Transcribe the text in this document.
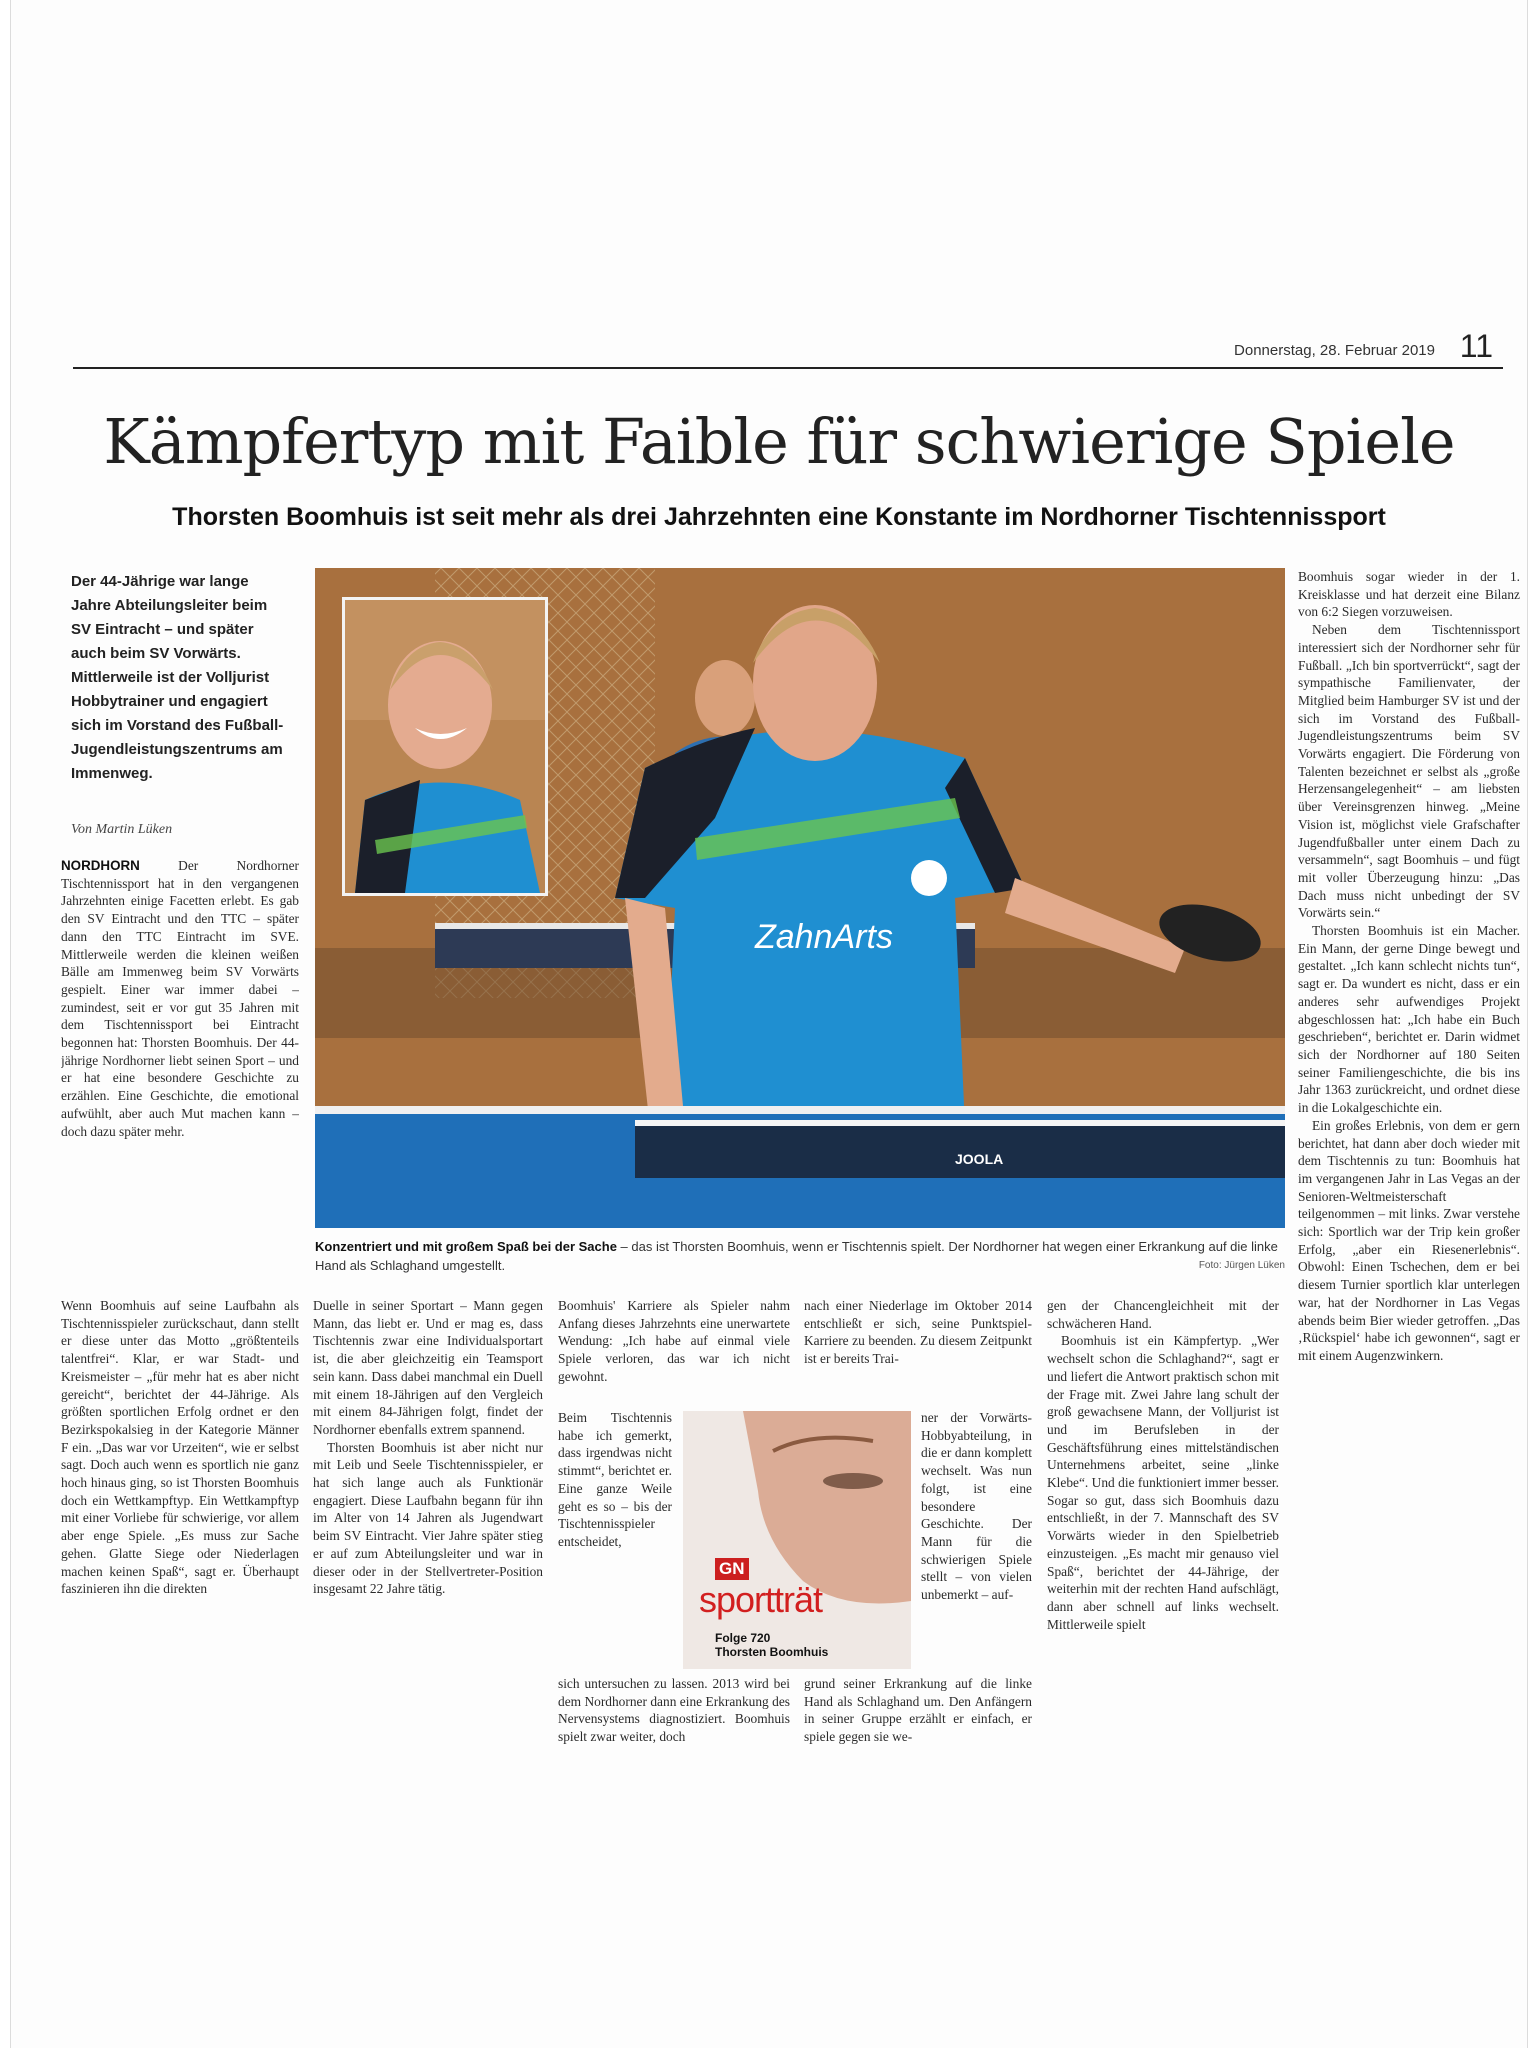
Donnerstag, 28. Februar 2019 11
Kämpfertyp mit Faible für schwierige Spiele
Thorsten Boomhuis ist seit mehr als drei Jahrzehnten eine Konstante im Nordhorner Tischtennissport

Der 44-Jährige war lange Jahre Abteilungsleiter beim SV Eintracht – und später auch beim SV Vorwärts. Mittlerweile ist der Volljurist Hobbytrainer und engagiert sich im Vorstand des Fußball-Jugendleistungszentrums am Immenweg.

Von Martin Lüken

NORDHORN	Der Nordhorner Tischtennissport hat in den vergangenen Jahrzehnten einige Facetten erlebt. Es gab den SV Eintracht und den TTC – später dann den TTC Eintracht im SVE. Mittlerweile werden die kleinen weißen Bälle am Immenweg beim SV Vorwärts gespielt. Einer war immer dabei – zumindest, seit er vor gut 35 Jahren mit dem Tischtennissport bei Eintracht begonnen hat: Thorsten Boomhuis. Der 44-jährige Nordhorner liebt seinen Sport – und er hat eine besondere Geschichte zu erzählen. Eine Geschichte, die emotional aufwühlt, aber auch Mut machen kann – doch dazu später mehr.

Wenn Boomhuis auf seine Laufbahn als Tischtennisspieler zurückschaut, dann stellt er diese unter das Motto „größtenteils talentfrei“. Klar, er war Stadt- und Kreismeister – „für mehr hat es aber nicht gereicht“, berichtet der 44-Jährige. Als größten sportlichen Erfolg ordnet er den Bezirkspokalsieg in der Kategorie Männer F ein. „Das war vor Urzeiten“, wie er selbst sagt. Doch auch wenn es sportlich nie ganz hoch hinaus ging, so ist Thorsten Boomhuis doch ein Wettkampftyp. Ein Wettkampftyp mit einer Vorliebe für schwierige, vor allem aber enge Spiele. „Es muss zur Sache gehen. Glatte Siege oder Niederlagen machen keinen Spaß“, sagt er. Überhaupt faszinieren ihn die direkten

Duelle in seiner Sportart – Mann gegen Mann, das liebt er. Und er mag es, dass Tischtennis zwar eine Individualsportart ist, die aber gleichzeitig ein Teamsport sein kann. Dass dabei manchmal ein Duell mit einem 18-Jährigen auf den Vergleich mit einem 84-Jährigen folgt, findet der Nordhorner ebenfalls extrem spannend.

Thorsten Boomhuis ist aber nicht nur mit Leib und Seele Tischtennisspieler, er hat sich lange auch als Funktionär engagiert. Diese Laufbahn begann für ihn im Alter von 14 Jahren als Jugendwart beim SV Eintracht. Vier Jahre später stieg er auf zum Abteilungsleiter und war in dieser oder in der Stellvertreter-Position insgesamt 22 Jahre tätig.

Boomhuis' Karriere als Spieler nahm Anfang dieses Jahrzehnts eine unerwartete Wendung: „Ich habe auf einmal viele Spiele verloren, das war ich nicht gewohnt.

Beim Tischtennis habe ich gemerkt, dass irgendwas nicht stimmt“, berichtet er. Eine ganze Weile geht es so – bis der Tischtennisspieler entscheidet,

sich untersuchen zu lassen. 2013 wird bei dem Nordhorner dann eine Erkrankung des Nervensystems diagnostiziert. Boomhuis spielt zwar weiter, doch

nach einer Niederlage im Oktober 2014 entschließt er sich, seine Punktspiel-Karriere zu beenden. Zu diesem Zeitpunkt ist er bereits Trai-

ner der Vorwärts-Hobbyabteilung, in die er dann komplett wechselt. Was nun folgt, ist eine besondere Geschichte. Der Mann für die schwierigen Spiele stellt – von vielen unbemerkt – auf-

grund seiner Erkrankung auf die linke Hand als Schlaghand um. Den Anfängern in seiner Gruppe erzählt er einfach, er spiele gegen sie we-

gen der Chancengleichheit mit der schwächeren Hand.

Boomhuis ist ein Kämpfertyp. „Wer wechselt schon die Schlaghand?“, sagt er und liefert die Antwort praktisch schon mit der Frage mit. Zwei Jahre lang schult der groß gewachsene Mann, der Volljurist ist und im Berufsleben in der Geschäftsführung eines mittelständischen Unternehmens arbeitet, seine „linke Klebe“. Und die funktioniert immer besser. Sogar so gut, dass sich Boomhuis dazu entschließt, in der 7. Mannschaft des SV Vorwärts wieder in den Spielbetrieb einzusteigen. „Es macht mir genauso viel Spaß“, berichtet der 44-Jährige, der weiterhin mit der rechten Hand aufschlägt, dann aber schnell auf links wechselt. Mittlerweile spielt

Boomhuis sogar wieder in der 1. Kreisklasse und hat derzeit eine Bilanz von 6:2 Siegen vorzuweisen.

Neben dem Tischtennissport interessiert sich der Nordhorner sehr für Fußball. „Ich bin sportverrückt“, sagt der sympathische Familienvater, der Mitglied beim Hamburger SV ist und der sich im Vorstand des Fußball-Jugendleistungszentrums beim SV Vorwärts engagiert. Die Förderung von Talenten bezeichnet er selbst als „große Herzensangelegenheit“ – am liebsten über Vereinsgrenzen hinweg. „Meine Vision ist, möglichst viele Grafschafter Jugendfußballer unter einem Dach zu versammeln“, sagt Boomhuis – und fügt mit voller Überzeugung hinzu: „Das Dach muss nicht unbedingt der SV Vorwärts sein.“

Thorsten Boomhuis ist ein Macher. Ein Mann, der gerne Dinge bewegt und gestaltet. „Ich kann schlecht nichts tun“, sagt er. Da wundert es nicht, dass er ein anderes sehr aufwendiges Projekt abgeschlossen hat: „Ich habe ein Buch geschrieben“, berichtet er. Darin widmet sich der Nordhorner auf 180 Seiten seiner Familiengeschichte, die bis ins Jahr 1363 zurückreicht, und ordnet diese in die Lokalgeschichte ein.

Ein großes Erlebnis, von dem er gern berichtet, hat dann aber doch wieder mit dem Tischtennis zu tun: Boomhuis hat im vergangenen Jahr in Las Vegas an der Senioren-Weltmeisterschaft teilgenommen – mit links. Zwar verstehe sich: Sportlich war der Trip kein großer Erfolg, „aber ein Riesenerlebnis“. Obwohl: Einen Tschechen, dem er bei diesem Turnier sportlich klar unterlegen war, hat der Nordhorner in Las Vegas abends beim Bier wieder getroffen. „Das ‚Rückspiel‘ habe ich gewonnen“, sagt er mit einem Augenzwinkern.

ZahnArts
JOOLA
Konzentriert und mit großem Spaß bei der Sache – das ist Thorsten Boomhuis, wenn er Tischtennis spielt. Der Nordhorner hat wegen einer Erkrankung auf die linke Hand als Schlaghand umgestellt.	Foto: Jürgen Lüken
GN
sportträt
Folge 720
Thorsten Boomhuis
